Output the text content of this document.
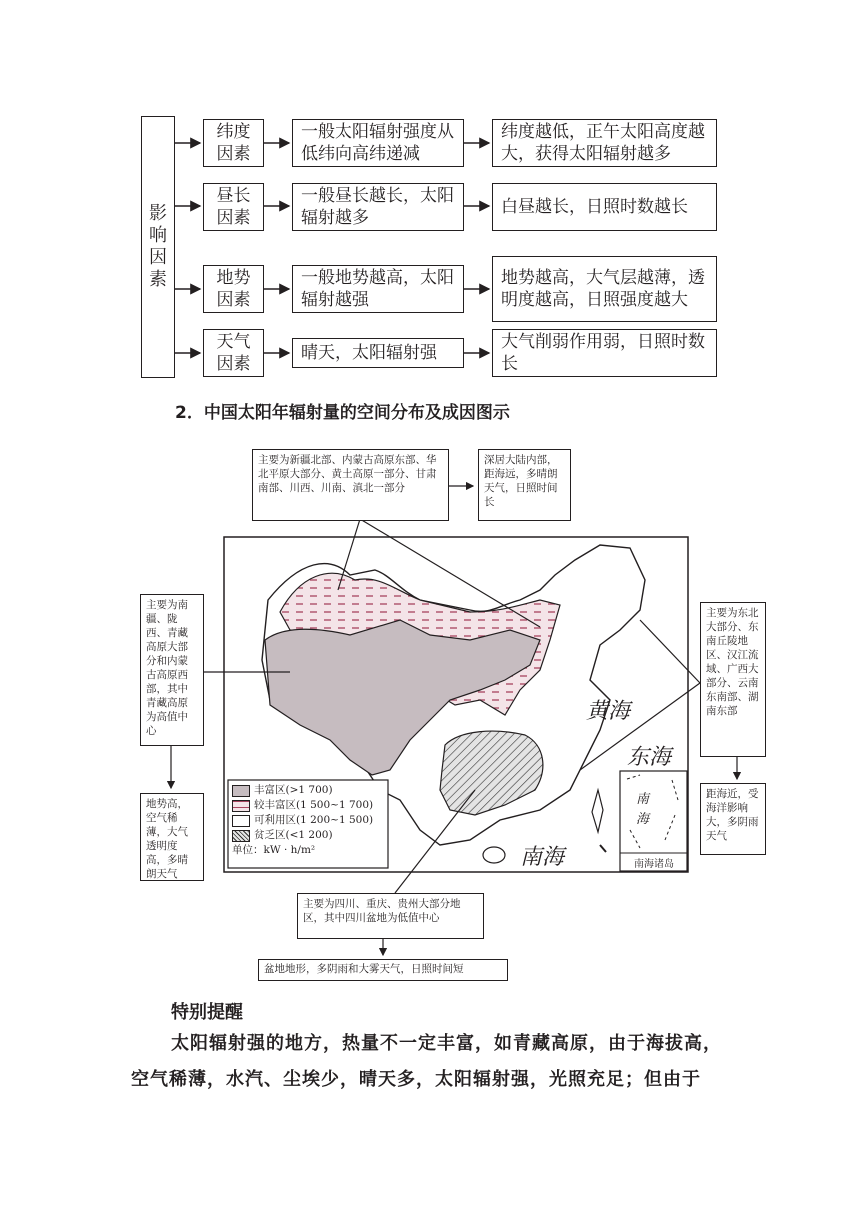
影响因素
纬度因素
一般太阳辐射强度从低纬向高纬递减
纬度越低，正午太阳高度越大，获得太阳辐射越多
昼长因素
一般昼长越长，太阳辐射越多
白昼越长，日照时数越长
地势因素
一般地势越高，太阳辐射越强
地势越高，大气层越薄，透明度越高，日照强度越大
天气因素
晴天，太阳辐射强
大气削弱作用弱，日照时数长
2．中国太阳年辐射量的空间分布及成因图示
主要为新疆北部、内蒙古高原东部、华北平原大部分、黄土高原一部分、甘肃南部、川西、川南、滇北一部分
深居大陆内部，距海远，多晴朗天气，日照时间长
主要为南疆、陇西、青藏高原大部分和内蒙古高原西部，其中青藏高原为高值中心
地势高，空气稀薄，大气透明度高，多晴朗天气
主要为东北大部分、东南丘陵地区、汉江流域、广西大部分、云南东南部、湖南东部
距海近，受海洋影响大，多阴雨天气
主要为四川、重庆、贵州大部分地区，其中四川盆地为低值中心
盆地地形，多阴雨和大雾天气，日照时间短
黄海
东海
南海
南海
南海诸岛
丰富区(>1 700)
较丰富区(1 500~1 700)
可利用区(1 200~1 500)
贫乏区(<1 200)
单位：kW · h/m²
特别提醒
太阳辐射强的地方，热量不一定丰富，如青藏高原，由于海拔高，
空气稀薄，水汽、尘埃少，晴天多，太阳辐射强，光照充足；但由于
